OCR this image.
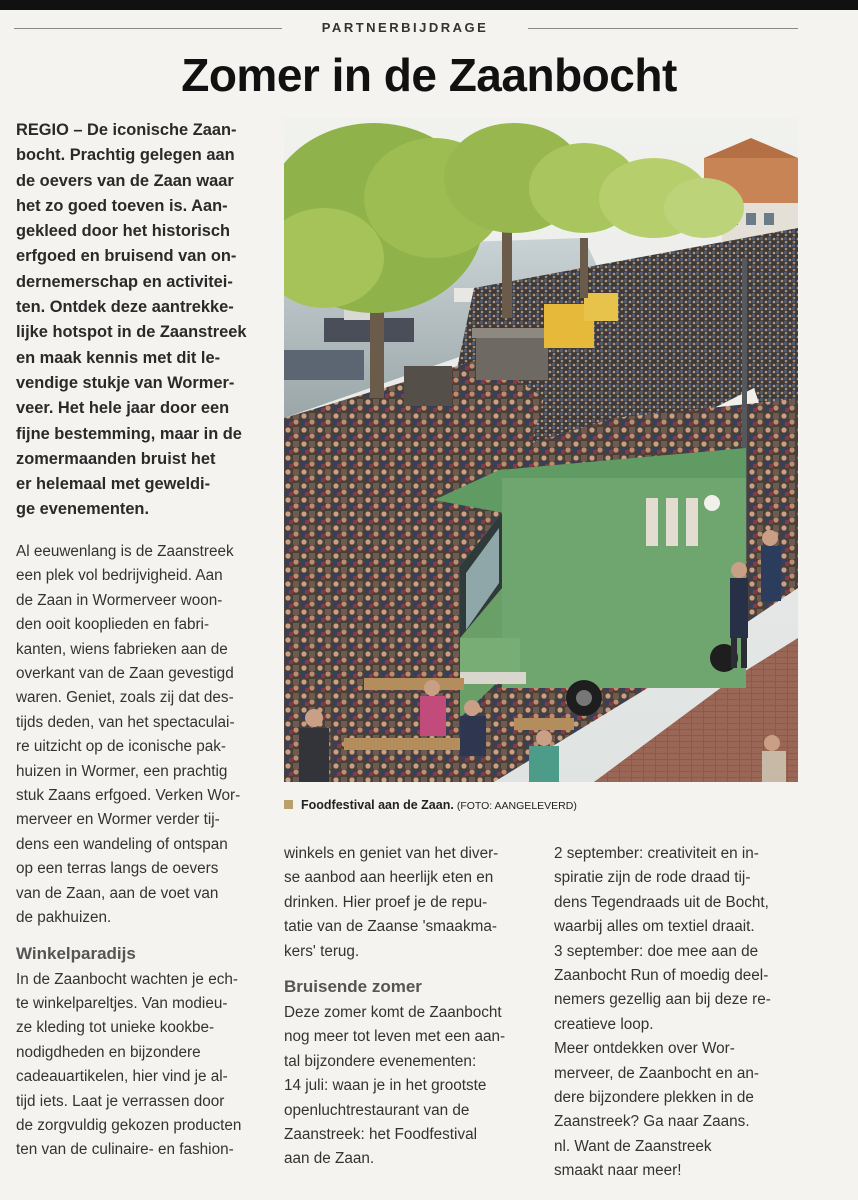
PARTNERBIJDRAGE
Zomer in de Zaanbocht

REGIO – De iconische Zaan-
bocht. Prachtig gelegen aan
de oevers van de Zaan waar
het zo goed toeven is. Aan-
gekleed door het historisch
erfgoed en bruisend van on-
dernemerschap en activitei-
ten. Ontdek deze aantrekke-
lijke hotspot in de Zaanstreek
en maak kennis met dit le-
vendige stukje van Wormer-
veer. Het hele jaar door een
fijne bestemming, maar in de
zomermaanden bruist het
er helemaal met geweldi-
ge evenementen.

Al eeuwenlang is de Zaanstreek
een plek vol bedrijvigheid. Aan
de Zaan in Wormerveer woon-
den ooit kooplieden en fabri-
kanten, wiens fabrieken aan de
overkant van de Zaan gevestigd
waren. Geniet, zoals zij dat des-
tijds deden, van het spectaculai-
re uitzicht op de iconische pak-
huizen in Wormer, een prachtig
stuk Zaans erfgoed. Verken Wor-
merveer en Wormer verder tij-
dens een wandeling of ontspan
op een terras langs de oevers
van de Zaan, aan de voet van
de pakhuizen.

Winkelparadijs

In de Zaanbocht wachten je ech-
te winkelpareltjes. Van modieu-
ze kleding tot unieke kookbe-
nodigdheden en bijzondere
cadeauartikelen, hier vind je al-
tijd iets. Laat je verrassen door
de zorgvuldig gekozen producten
ten van de culinaire- en fashion-

Foodfestival aan de Zaan. (FOTO: AANGELEVERD)

winkels en geniet van het diver-
se aanbod aan heerlijk eten en
drinken. Hier proef je de repu-
tatie van de Zaanse 'smaakma-
kers' terug.

Bruisende zomer

Deze zomer komt de Zaanbocht
nog meer tot leven met een aan-
tal bijzondere evenementen:
14 juli: waan je in het grootste
openluchtrestaurant van de
Zaanstreek: het Foodfestival
aan de Zaan.

2 september: creativiteit en in-
spiratie zijn de rode draad tij-
dens Tegendraads uit de Bocht,
waarbij alles om textiel draait.
3 september: doe mee aan de
Zaanbocht Run of moedig deel-
nemers gezellig aan bij deze re-
creatieve loop.
Meer ontdekken over Wor-
merveer, de Zaanbocht en an-
dere bijzondere plekken in de
Zaanstreek? Ga naar Zaans.
nl. Want de Zaanstreek
smaakt naar meer!
